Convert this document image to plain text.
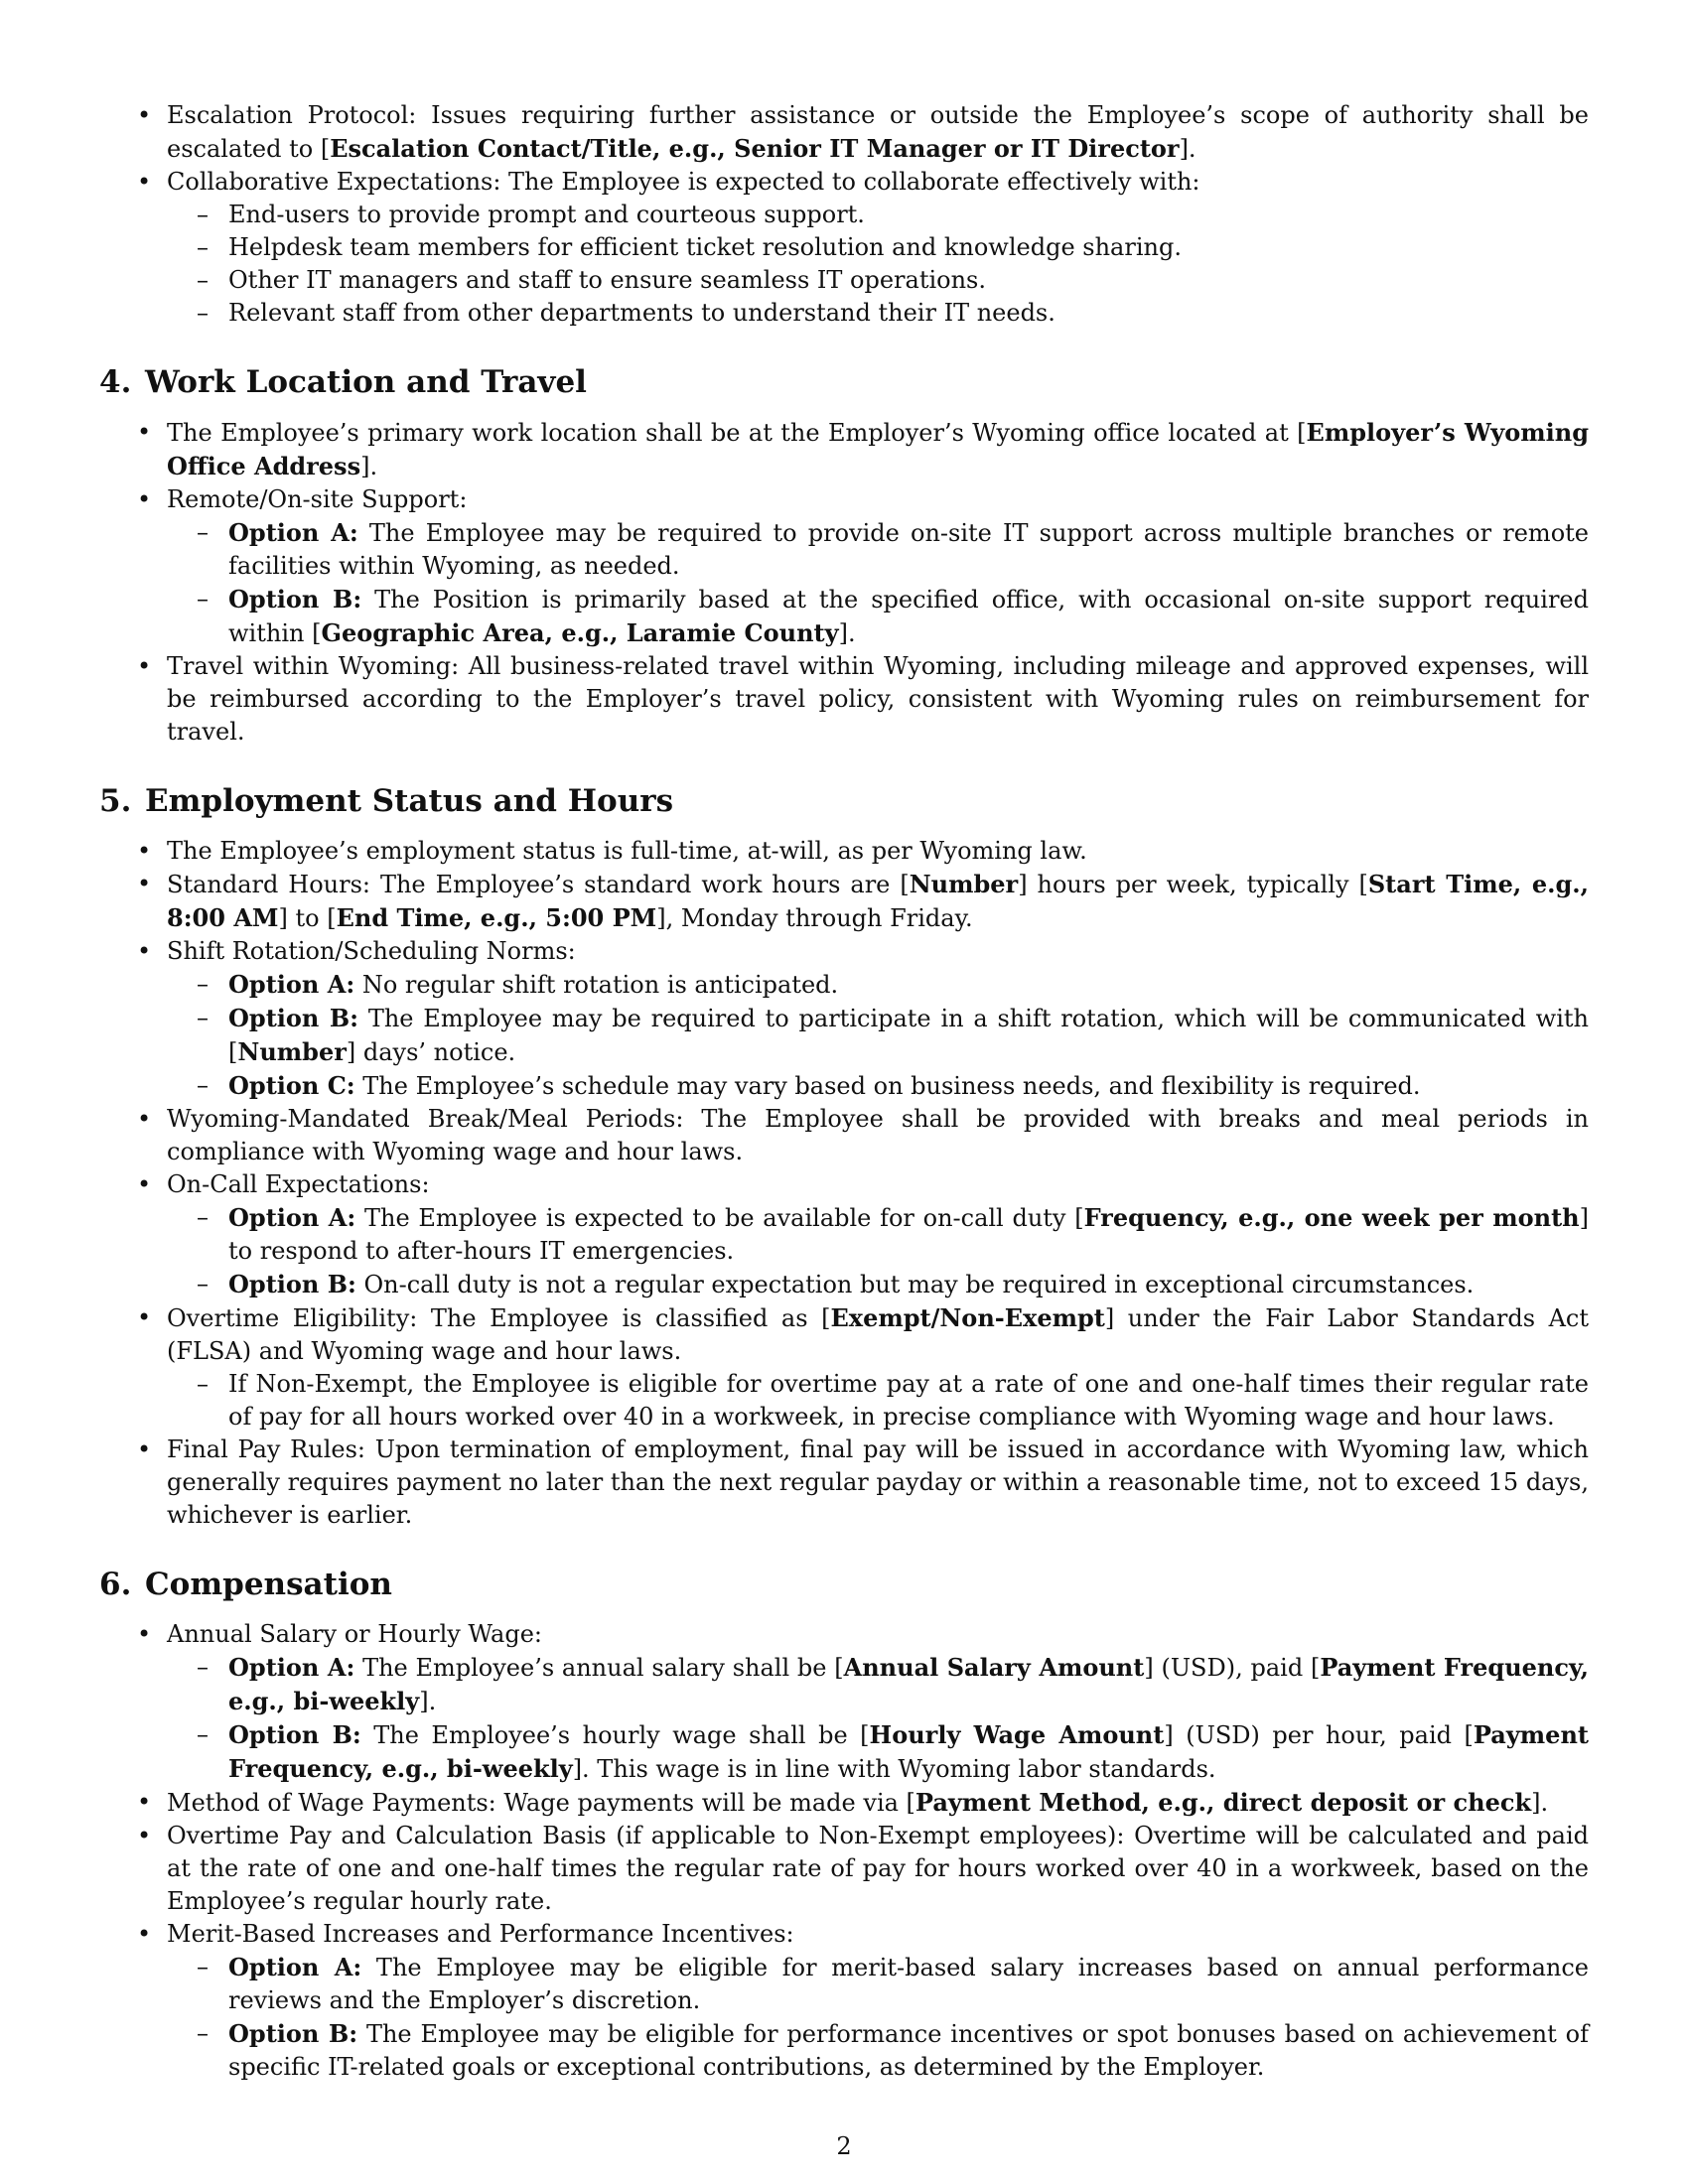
• Escalation Protocol: Issues requiring further assistance or outside the Employee’s scope of authority shall be escalated to [Escalation Contact/Title, e.g., Senior IT Manager or IT Director].
• Collaborative Expectations: The Employee is expected to collaborate effectively with:
– End-users to provide prompt and courteous support.
– Helpdesk team members for efficient ticket resolution and knowledge sharing.
– Other IT managers and staff to ensure seamless IT operations.
– Relevant staff from other departments to understand their IT needs.
4. Work Location and Travel
• The Employee’s primary work location shall be at the Employer’s Wyoming office located at [Employer’s Wyoming Office Address].
• Remote/On-site Support:
– Option A: The Employee may be required to provide on-site IT support across multiple branches or remote facilities within Wyoming, as needed.
– Option B: The Position is primarily based at the specified office, with occasional on-site support required within [Geographic Area, e.g., Laramie County].
• Travel within Wyoming: All business-related travel within Wyoming, including mileage and approved expenses, will be reimbursed according to the Employer’s travel policy, consistent with Wyoming rules on reimbursement for travel.
5. Employment Status and Hours
• The Employee’s employment status is full-time, at-will, as per Wyoming law.
• Standard Hours: The Employee’s standard work hours are [Number] hours per week, typically [Start Time, e.g., 8:00 AM] to [End Time, e.g., 5:00 PM], Monday through Friday.
• Shift Rotation/Scheduling Norms:
– Option A: No regular shift rotation is anticipated.
– Option B: The Employee may be required to participate in a shift rotation, which will be communicated with [Number] days’ notice.
– Option C: The Employee’s schedule may vary based on business needs, and flexibility is required.
• Wyoming-Mandated Break/Meal Periods: The Employee shall be provided with breaks and meal periods in compliance with Wyoming wage and hour laws.
• On-Call Expectations:
– Option A: The Employee is expected to be available for on-call duty [Frequency, e.g., one week per month] to respond to after-hours IT emergencies.
– Option B: On-call duty is not a regular expectation but may be required in exceptional circumstances.
• Overtime Eligibility: The Employee is classified as [Exempt/Non-Exempt] under the Fair Labor Standards Act (FLSA) and Wyoming wage and hour laws.
– If Non-Exempt, the Employee is eligible for overtime pay at a rate of one and one-half times their regular rate of pay for all hours worked over 40 in a workweek, in precise compliance with Wyoming wage and hour laws.
• Final Pay Rules: Upon termination of employment, final pay will be issued in accordance with Wyoming law, which generally requires payment no later than the next regular payday or within a reasonable time, not to exceed 15 days, whichever is earlier.
6. Compensation
• Annual Salary or Hourly Wage:
– Option A: The Employee’s annual salary shall be [Annual Salary Amount] (USD), paid [Payment Frequency, e.g., bi-weekly].
– Option B: The Employee’s hourly wage shall be [Hourly Wage Amount] (USD) per hour, paid [Payment Frequency, e.g., bi-weekly]. This wage is in line with Wyoming labor standards.
• Method of Wage Payments: Wage payments will be made via [Payment Method, e.g., direct deposit or check].
• Overtime Pay and Calculation Basis (if applicable to Non-Exempt employees): Overtime will be calculated and paid at the rate of one and one-half times the regular rate of pay for hours worked over 40 in a workweek, based on the Employee’s regular hourly rate.
• Merit-Based Increases and Performance Incentives:
– Option A: The Employee may be eligible for merit-based salary increases based on annual performance reviews and the Employer’s discretion.
– Option B: The Employee may be eligible for performance incentives or spot bonuses based on achievement of specific IT-related goals or exceptional contributions, as determined by the Employer.
2
